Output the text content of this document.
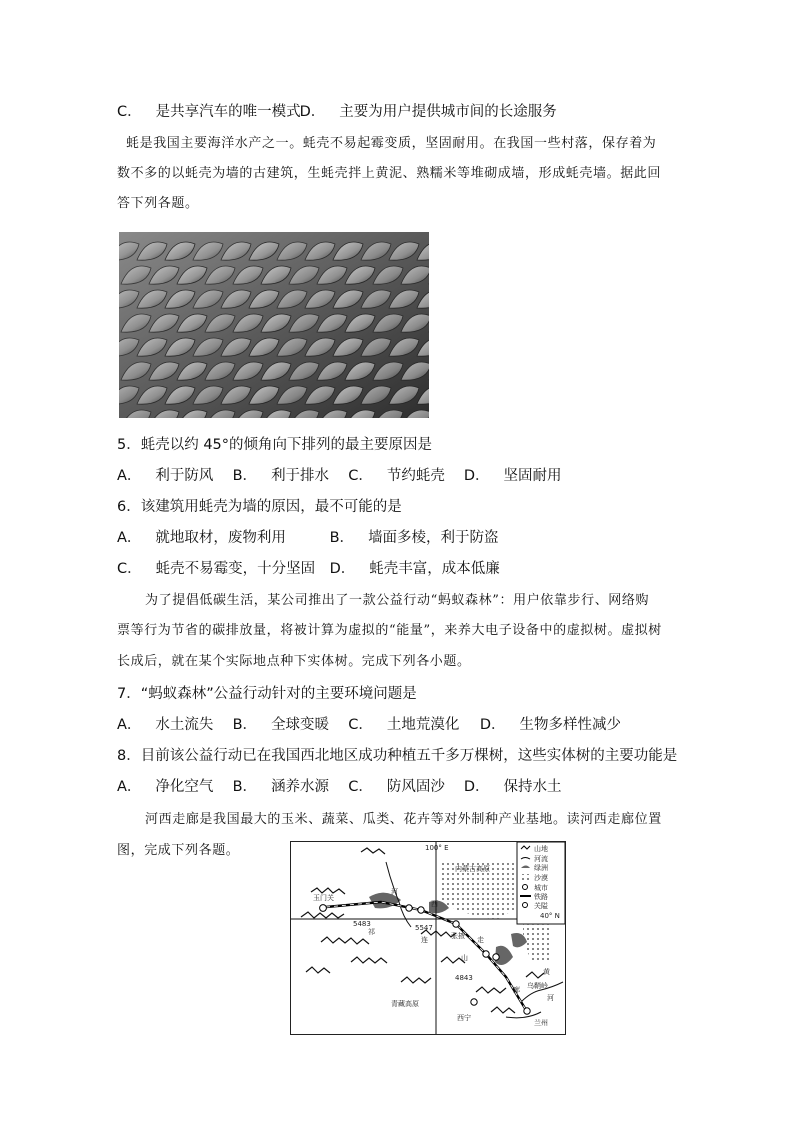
C． 是共享汽车的唯一模式 D． 主要为用户提供城市间的长途服务
蚝是我国主要海洋水产之一。蚝壳不易起霉变质，坚固耐用。在我国一些村落，保存着为
数不多的以蚝壳为墙的古建筑，生蚝壳拌上黄泥、熟糯米等堆砌成墙，形成蚝壳墙。据此回
答下列各题。
5．蚝壳以约 45°的倾角向下排列的最主要原因是
A． 利于防风 B． 利于排水 C． 节约蚝壳 D． 坚固耐用
6．该建筑用蚝壳为墙的原因，最不可能的是
A． 就地取材，废物利用	B． 墙面多棱，利于防盗
C． 蚝壳不易霉变，十分坚固 D． 蚝壳丰富，成本低廉
为了提倡低碳生活，某公司推出了一款公益行动“蚂蚁森林”：用户依靠步行、网络购
票等行为节省的碳排放量，将被计算为虚拟的“能量”，来养大电子设备中的虚拟树。虚拟树
长成后，就在某个实际地点种下实体树。完成下列各小题。
7．“蚂蚁森林”公益行动针对的主要环境问题是
A． 水土流失 B． 全球变暖 C． 土地荒漠化 D． 生物多样性减少
8．目前该公益行动已在我国西北地区成功种植五千多万棵树，这些实体树的主要功能是
A． 净化空气 B． 涵养水源 C． 防风固沙 D． 保持水土
河西走廊是我国最大的玉米、蔬菜、瓜类、花卉等对外制种产业基地。读河西走廊位置
图，完成下列各题。	山地
河流
绿洲
沙漠
城市
铁路
关隘
100° E
40° N
内蒙古高原
青藏高原
玉门关
河
西
张掖
祁
连	走
山
廊 乌鞘岭
西宁
兰州
黄
河
5483	5547
4843
